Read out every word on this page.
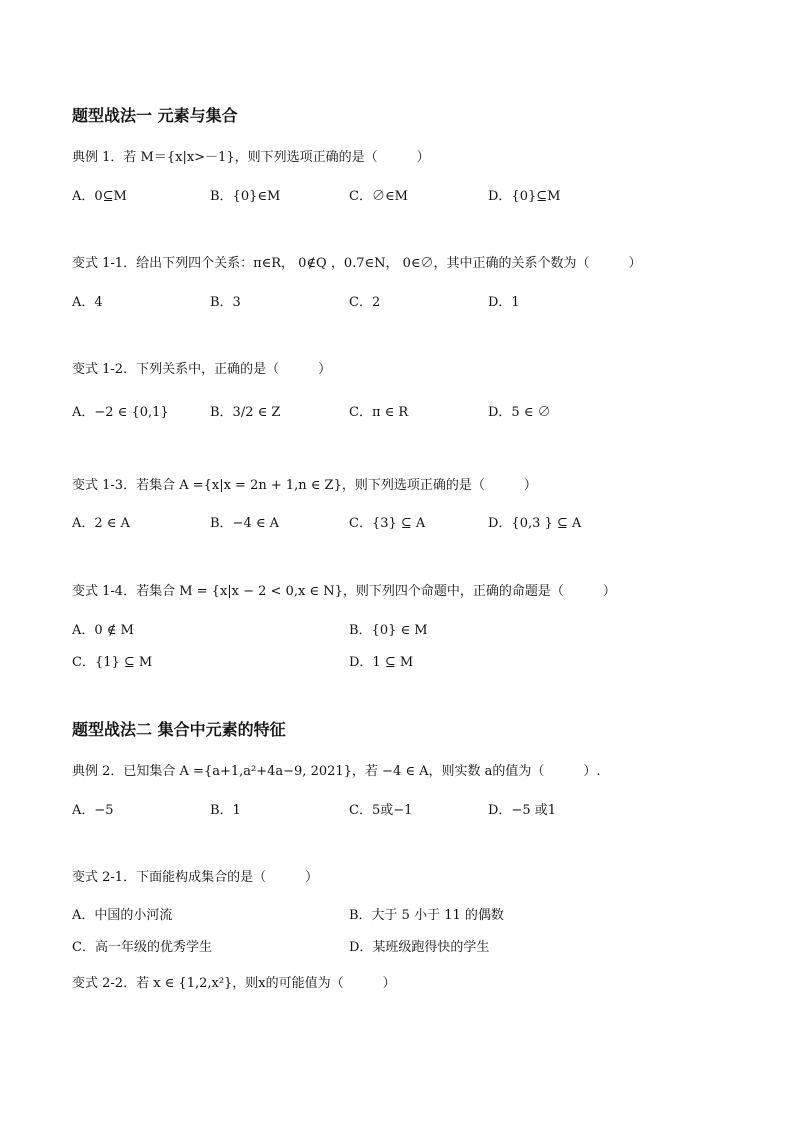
题型战法一 元素与集合
典例 1．若 M＝{x|x>－1}，则下列选项正确的是（　　　）
A．0⊆M	B．{0}∈M	C．∅∈M	D．{0}⊆M
变式 1-1．给出下列四个关系：π∈R， 0∉Q ，0.7∈N， 0∈∅，其中正确的关系个数为（　　　）
A．4	B．3	C．2	D．1
变式 1-2．下列关系中，正确的是（　　　）
A．−2 ∈ {0,1}	B．3/2 ∈ Z	C．π ∈ R	D．5 ∈ ∅
变式 1-3．若集合 A ={x|x = 2n + 1,n ∈ Z}，则下列选项正确的是（　　　）
A．2 ∈ A	B．−4 ∈ A	C．{3} ⊆ A	D．{0,3 } ⊆ A
变式 1-4．若集合 M = {x|x − 2 < 0,x ∈ N}，则下列四个命题中，正确的命题是（　　　）
A．0 ∉ M	B．{0} ∈ M
C．{1} ⊆ M	D．1 ⊆ M
题型战法二 集合中元素的特征
典例 2．已知集合 A ={a+1,a²+4a−9, 2021}，若 −4 ∈ A，则实数 a的值为（　　　）.
A．−5	B．1	C．5或−1	D．−5 或1
变式 2-1．下面能构成集合的是（　　　）
A．中国的小河流	B．大于 5 小于 11 的偶数
C．高一年级的优秀学生	D．某班级跑得快的学生
变式 2-2．若 x ∈ {1,2,x²}，则x的可能值为（　　　）
